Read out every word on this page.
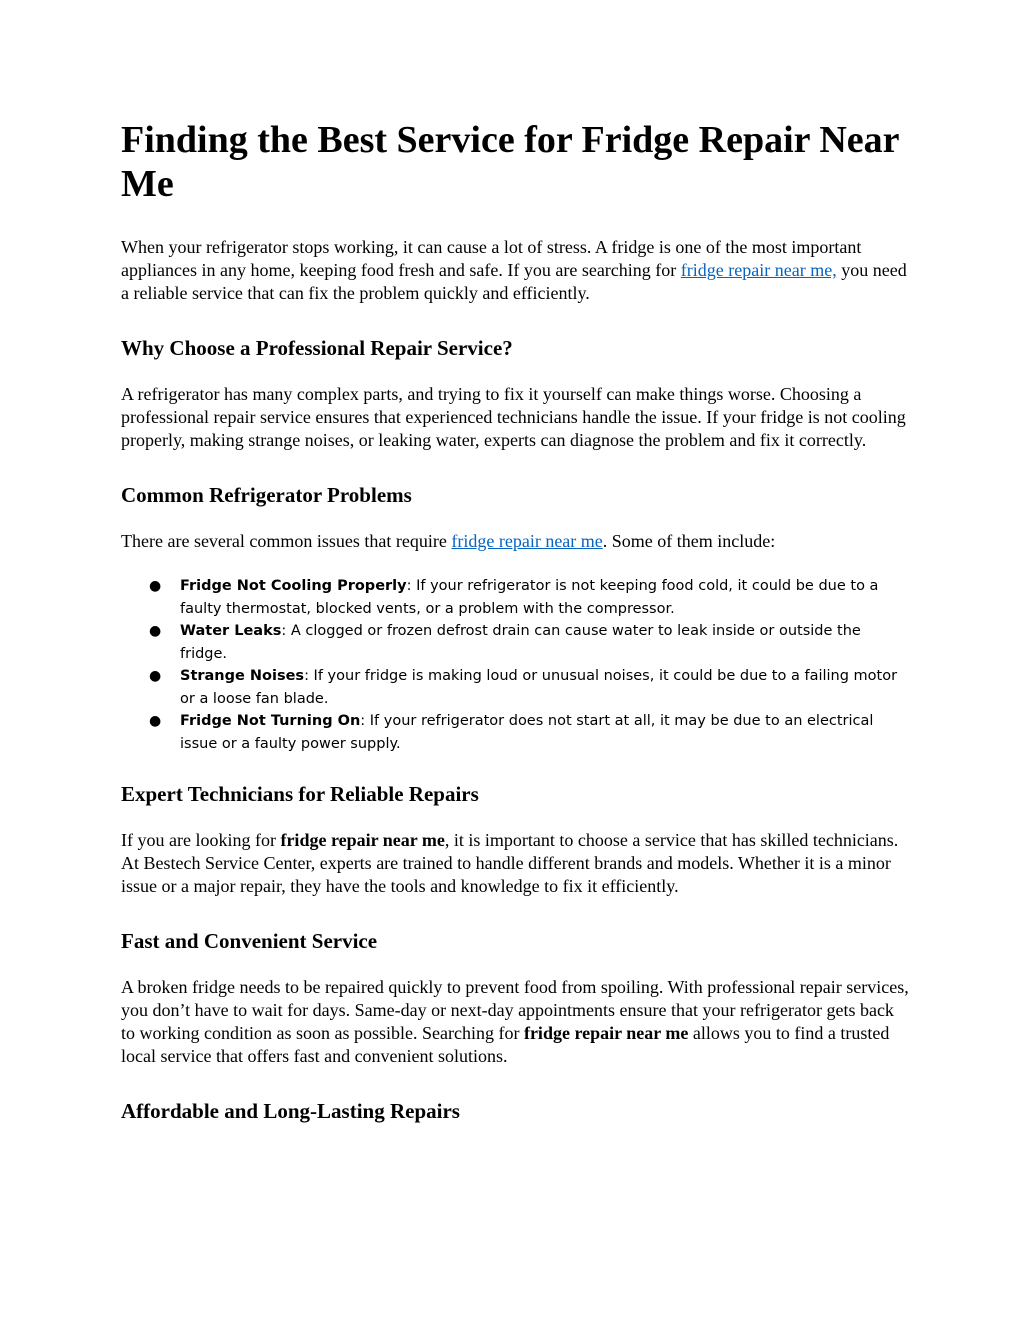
Finding the Best Service for Fridge Repair Near Me

When your refrigerator stops working, it can cause a lot of stress. A fridge is one of the most important appliances in any home, keeping food fresh and safe. If you are searching for fridge repair near me, you need a reliable service that can fix the problem quickly and efficiently.

Why Choose a Professional Repair Service?

A refrigerator has many complex parts, and trying to fix it yourself can make things worse. Choosing a professional repair service ensures that experienced technicians handle the issue. If your fridge is not cooling properly, making strange noises, or leaking water, experts can diagnose the problem and fix it correctly.

Common Refrigerator Problems

There are several common issues that require fridge repair near me. Some of them include:

● Fridge Not Cooling Properly: If your refrigerator is not keeping food cold, it could be due to a faulty thermostat, blocked vents, or a problem with the compressor.
● Water Leaks: A clogged or frozen defrost drain can cause water to leak inside or outside the fridge.
● Strange Noises: If your fridge is making loud or unusual noises, it could be due to a failing motor or a loose fan blade.
● Fridge Not Turning On: If your refrigerator does not start at all, it may be due to an electrical issue or a faulty power supply.
Expert Technicians for Reliable Repairs

If you are looking for fridge repair near me, it is important to choose a service that has skilled technicians. At Bestech Service Center, experts are trained to handle different brands and models. Whether it is a minor issue or a major repair, they have the tools and knowledge to fix it efficiently.

Fast and Convenient Service

A broken fridge needs to be repaired quickly to prevent food from spoiling. With professional repair services, you don’t have to wait for days. Same-day or next-day appointments ensure that your refrigerator gets back to working condition as soon as possible. Searching for fridge repair near me allows you to find a trusted local service that offers fast and convenient solutions.

Affordable and Long-Lasting Repairs
